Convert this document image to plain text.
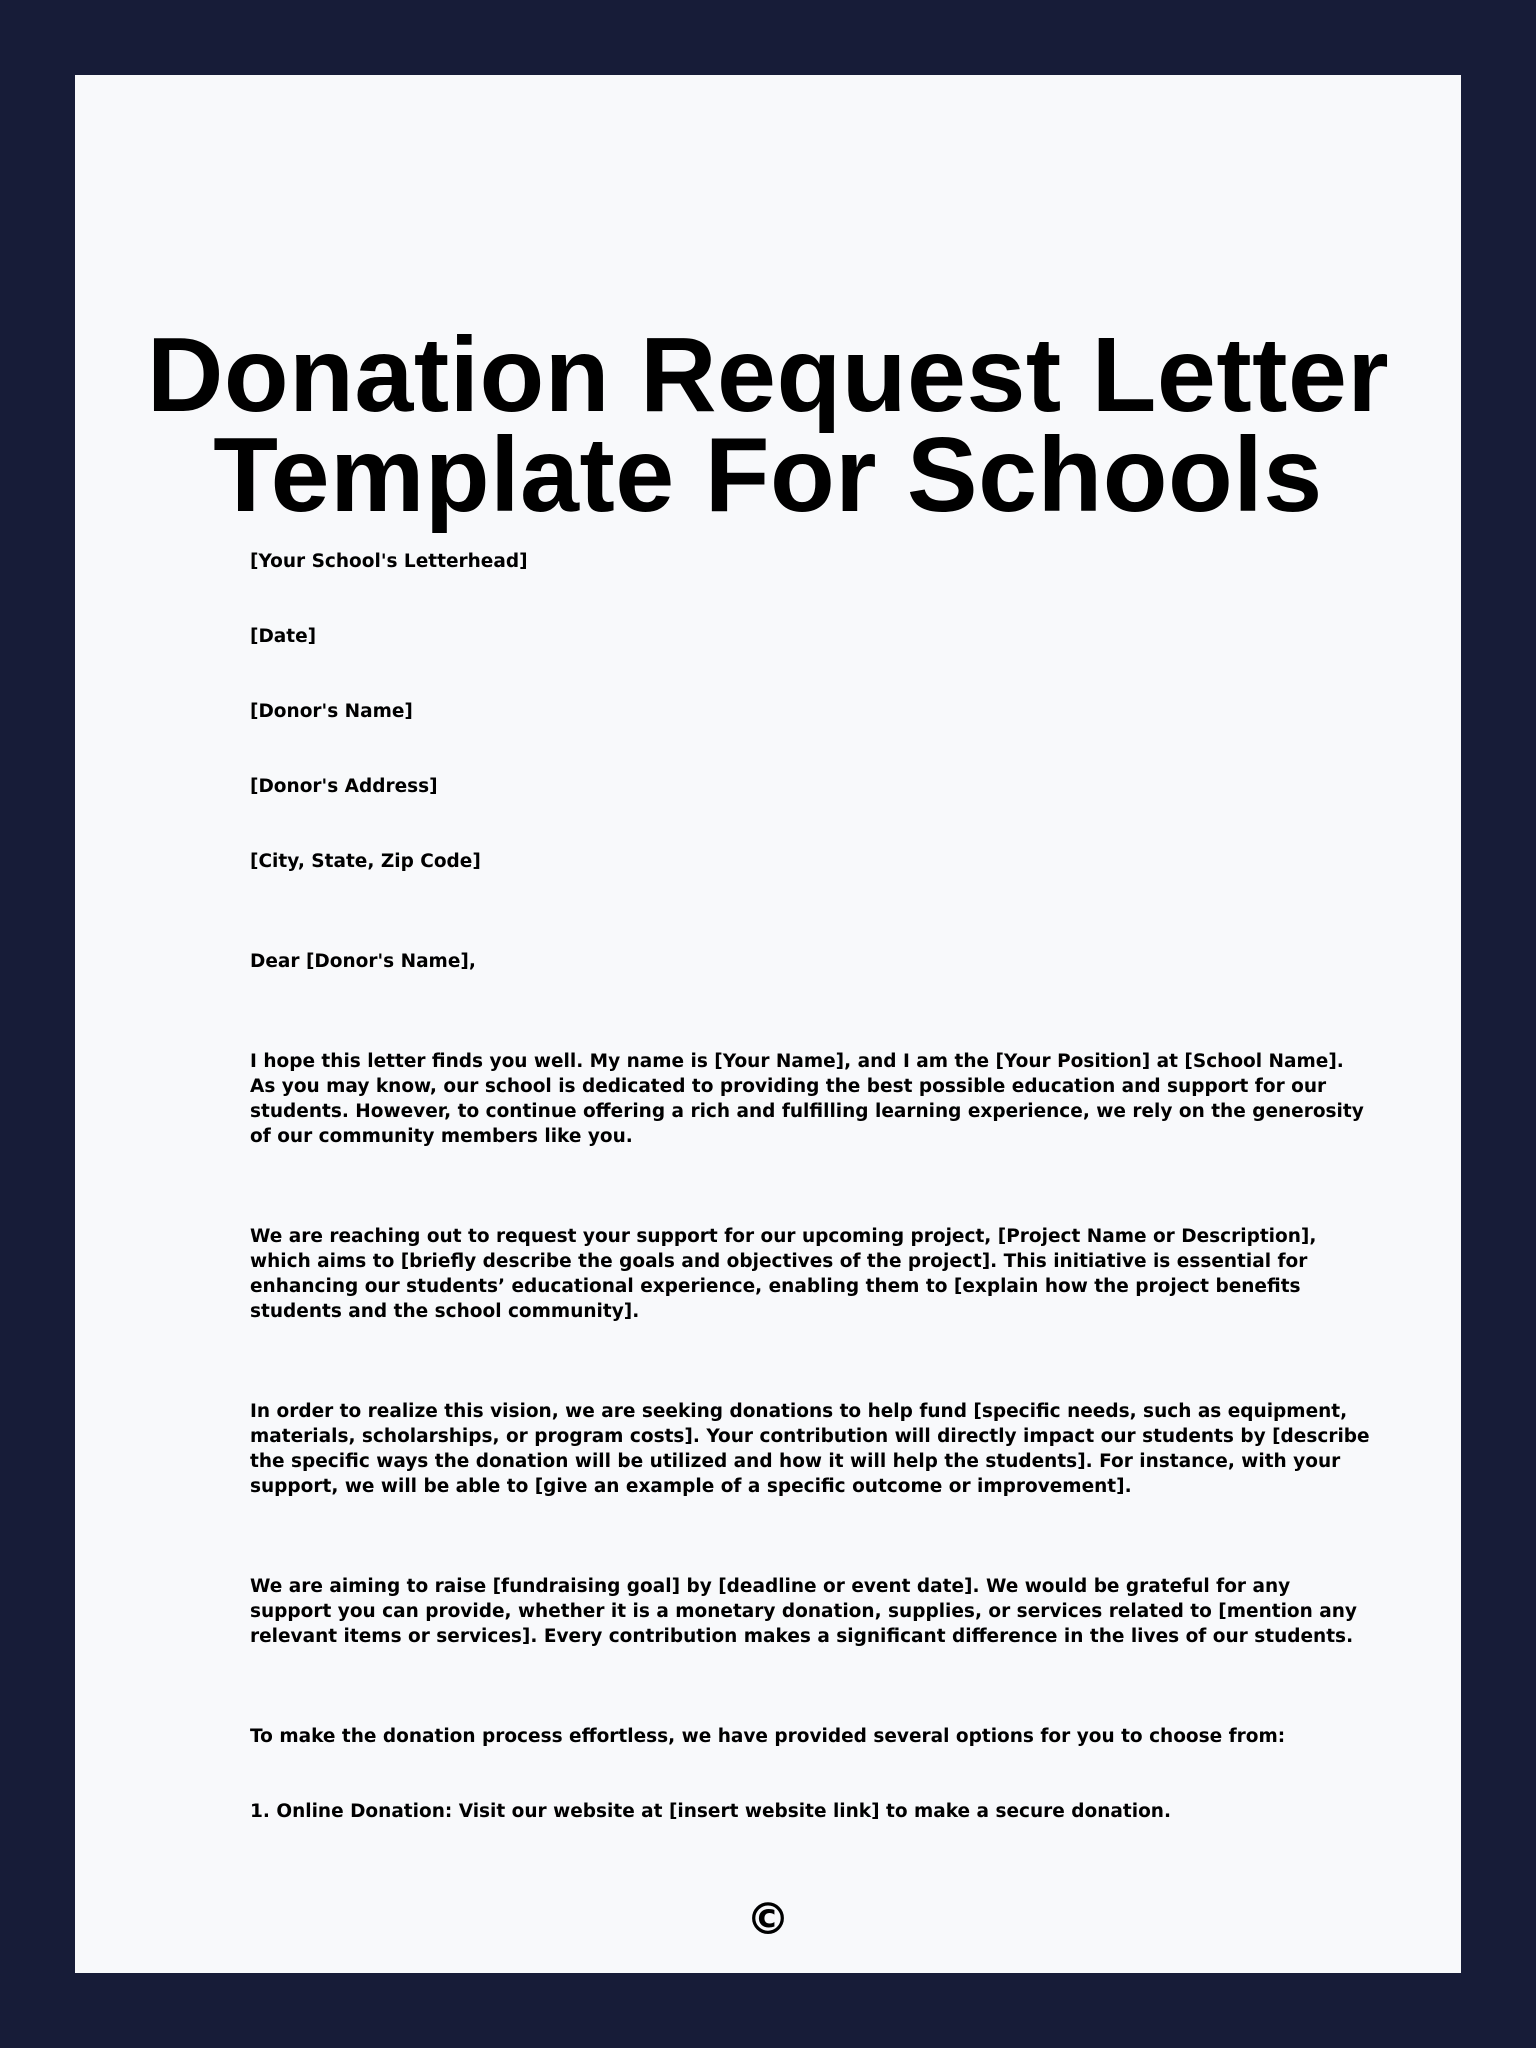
Donation Request Letter
Template For Schools

[Your School's Letterhead]

[Date]

[Donor's Name]

[Donor's Address]

[City, State, Zip Code]

Dear [Donor's Name],

I hope this letter finds you well. My name is [Your Name], and I am the [Your Position] at [School Name]. As you may know, our school is dedicated to providing the best possible education and support for our students. However, to continue offering a rich and fulfilling learning experience, we rely on the generosity of our community members like you.

We are reaching out to request your support for our upcoming project, [Project Name or Description], which aims to [briefly describe the goals and objectives of the project]. This initiative is essential for enhancing our students’ educational experience, enabling them to [explain how the project benefits students and the school community].

In order to realize this vision, we are seeking donations to help fund [specific needs, such as equipment, materials, scholarships, or program costs]. Your contribution will directly impact our students by [describe the specific ways the donation will be utilized and how it will help the students]. For instance, with your support, we will be able to [give an example of a specific outcome or improvement].

We are aiming to raise [fundraising goal] by [deadline or event date]. We would be grateful for any support you can provide, whether it is a monetary donation, supplies, or services related to [mention any relevant items or services]. Every contribution makes a significant difference in the lives of our students.

To make the donation process effortless, we have provided several options for you to choose from:

1. Online Donation: Visit our website at [insert website link] to make a secure donation.

©
